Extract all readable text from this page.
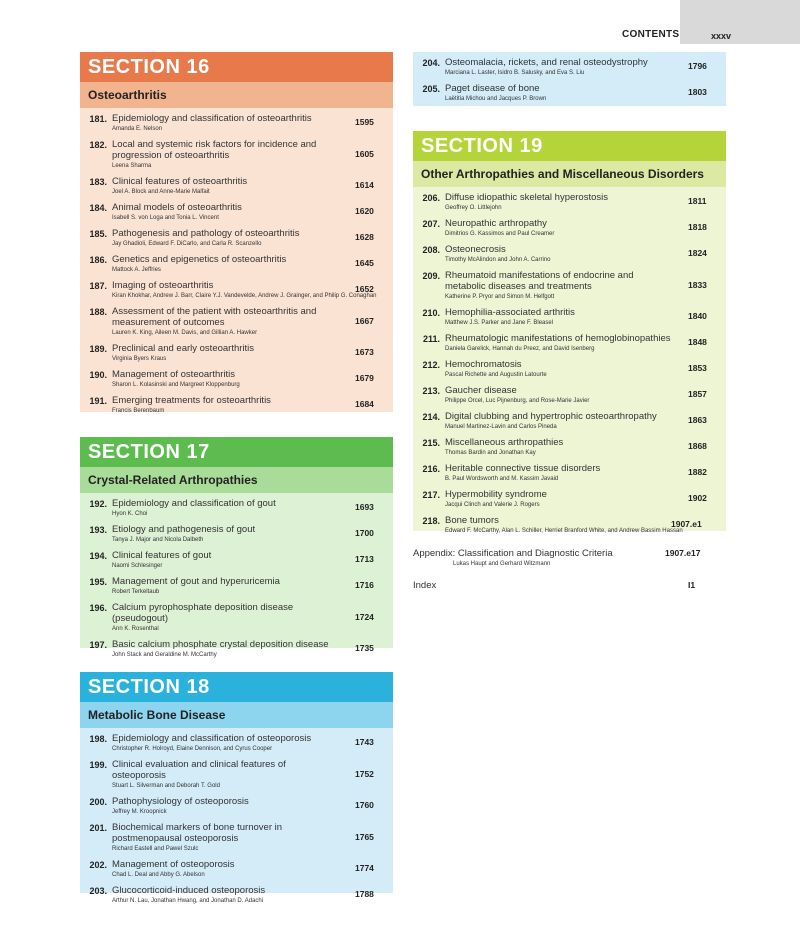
CONTENTS	xxxv
SECTION 16
Osteoarthritis
181. Epidemiology and classification of osteoarthritis
Amanda E. Nelson
1595
182. Local and systemic risk factors for incidence and progression of osteoarthritis
Leena Sharma
1605
183. Clinical features of osteoarthritis
Joel A. Block and Anne-Marie Malfait
1614
184. Animal models of osteoarthritis
Isabell S. von Loga and Tonia L. Vincent
1620
185. Pathogenesis and pathology of osteoarthritis
Jay Ghadioli, Edward F. DiCarlo, and Carla R. Scanzello
1628
186. Genetics and epigenetics of osteoarthritis
Mattock A. Jeffries
1645
187. Imaging of osteoarthritis
Kiran Khokhar, Andrew J. Barr, Claire Y.J. Vandevelde, Andrew J. Grainger, and Philip G. Conaghan
1652
188. Assessment of the patient with osteoarthritis and measurement of outcomes
Lauren K. King, Aileen M. Davis, and Gillian A. Hawker
1667
189. Preclinical and early osteoarthritis
Virginia Byers Kraus
1673
190. Management of osteoarthritis
Sharon L. Kolasinski and Margreet Kloppenburg
1679
191. Emerging treatments for osteoarthritis
Francis Berenbaum
1684
SECTION 17
Crystal-Related Arthropathies
192. Epidemiology and classification of gout
Hyon K. Choi
1693
193. Etiology and pathogenesis of gout
Tanya J. Major and Nicola Dalbeth
1700
194. Clinical features of gout
Naomi Schlesinger
1713
195. Management of gout and hyperuricemia
Robert Terkeltaub
1716
196. Calcium pyrophosphate deposition disease (pseudogout)
Ann K. Rosenthal
1724
197. Basic calcium phosphate crystal deposition disease
John Stack and Geraldine M. McCarthy
1735
SECTION 18
Metabolic Bone Disease
198. Epidemiology and classification of osteoporosis
Christopher R. Holroyd, Elaine Dennison, and Cyrus Cooper
1743
199. Clinical evaluation and clinical features of osteoporosis
Stuart L. Silverman and Deborah T. Gold
1752
200. Pathophysiology of osteoporosis
Jeffrey M. Kroopnick
1760
201. Biochemical markers of bone turnover in postmenopausal osteoporosis
Richard Eastell and Pawel Szulc
1765
202. Management of osteoporosis
Chad L. Deal and Abby G. Abelson
1774
203. Glucocorticoid-induced osteoporosis
Arthur N. Lau, Jonathan Hwang, and Jonathan D. Adachi
1788
204. Osteomalacia, rickets, and renal osteodystrophy
Marciana L. Laster, Isidro B. Salusky, and Eva S. Liu
1796
205. Paget disease of bone
Laëtitia Michou and Jacques P. Brown
1803
SECTION 19
Other Arthropathies and Miscellaneous Disorders
206. Diffuse idiopathic skeletal hyperostosis
Geoffrey O. Littlejohn
1811
207. Neuropathic arthropathy
Dimitrios G. Kassimos and Paul Creamer
1818
208. Osteonecrosis
Timothy McAlindon and John A. Carrino
1824
209. Rheumatoid manifestations of endocrine and metabolic diseases and treatments
Katherine P. Pryor and Simon M. Helfgott
1833
210. Hemophilia-associated arthritis
Matthew J.S. Parker and Jane F. Bleasel
1840
211. Rheumatologic manifestations of hemoglobinopathies
Daniela Garelick, Hannah du Preez, and David Isenberg
1848
212. Hemochromatosis
Pascal Richette and Augustin Latourte
1853
213. Gaucher disease
Philippe Orcel, Luc Pijnenburg, and Rose-Marie Javier
1857
214. Digital clubbing and hypertrophic osteoarthropathy
Manuel Martinez-Lavin and Carlos Pineda
1863
215. Miscellaneous arthropathies
Thomas Bardin and Jonathan Kay
1868
216. Heritable connective tissue disorders
B. Paul Wordsworth and M. Kassim Javaid
1882
217. Hypermobility syndrome
Jacqui Clinch and Valerie J. Rogers
1902
218. Bone tumors
Edward F. McCarthy, Alan L. Schiller, Herriet Branford White, and Andrew Bassim Hassan
1907.e1
Appendix: Classification and Diagnostic Criteria
Lukas Haupt and Gerhard Witzmann
1907.e17
Index	I1
